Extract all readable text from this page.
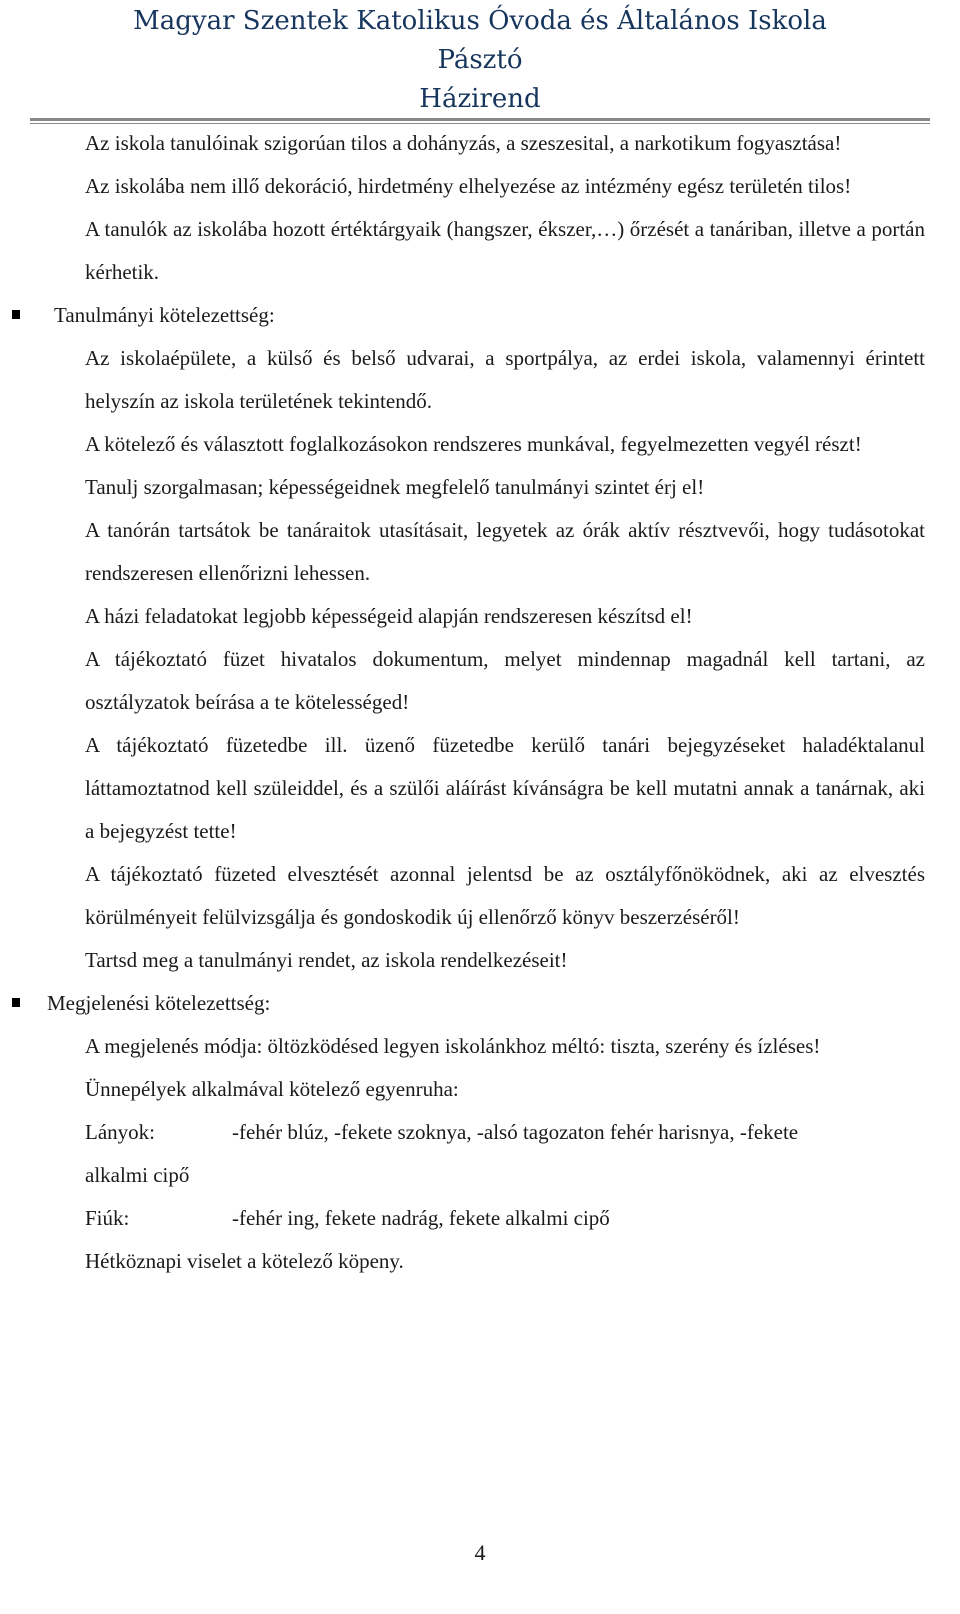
Magyar Szentek Katolikus Óvoda és Általános Iskola

Pásztó

Házirend

Az iskola tanulóinak szigorúan tilos a dohányzás, a szeszesital, a narkotikum fogyasztása!

Az iskolába nem illő dekoráció, hirdetmény elhelyezése az intézmény egész területén tilos!

A tanulók az iskolába hozott értéktárgyaik (hangszer, ékszer,…) őrzését a tanáriban, illetve a portán kérhetik.

Tanulmányi kötelezettség:

Az iskolaépülete, a külső és belső udvarai, a sportpálya, az erdei iskola, valamennyi érintett helyszín az iskola területének tekintendő.

A kötelező és választott foglalkozásokon rendszeres munkával, fegyelmezetten vegyél részt!

Tanulj szorgalmasan; képességeidnek megfelelő tanulmányi szintet érj el!

A tanórán tartsátok be tanáraitok utasításait, legyetek az órák aktív résztvevői, hogy tudásotokat rendszeresen ellenőrizni lehessen.

A házi feladatokat legjobb képességeid alapján rendszeresen készítsd el!

A tájékoztató füzet hivatalos dokumentum, melyet mindennap magadnál kell tartani, az osztályzatok beírása a te kötelességed!

A tájékoztató füzetedbe ill. üzenő füzetedbe kerülő tanári bejegyzéseket haladéktalanul láttamoztatnod kell szüleiddel, és a szülői aláírást kívánságra be kell mutatni annak a tanárnak, aki a bejegyzést tette!

A tájékoztató füzeted elvesztését azonnal jelentsd be az osztályfőnöködnek, aki az elvesztés körülményeit felülvizsgálja és gondoskodik új ellenőrző könyv beszerzéséről!

Tartsd meg a tanulmányi rendet, az iskola rendelkezéseit!

Megjelenési kötelezettség:

A megjelenés módja: öltözködésed legyen iskolánkhoz méltó: tiszta, szerény és ízléses!

Ünnepélyek alkalmával kötelező egyenruha:

Lányok:	-fehér blúz, -fekete szoknya, -alsó tagozaton fehér harisnya, -fekete

alkalmi cipő

Fiúk:	-fehér ing, fekete nadrág, fekete alkalmi cipő

Hétköznapi viselet a kötelező köpeny.

4
